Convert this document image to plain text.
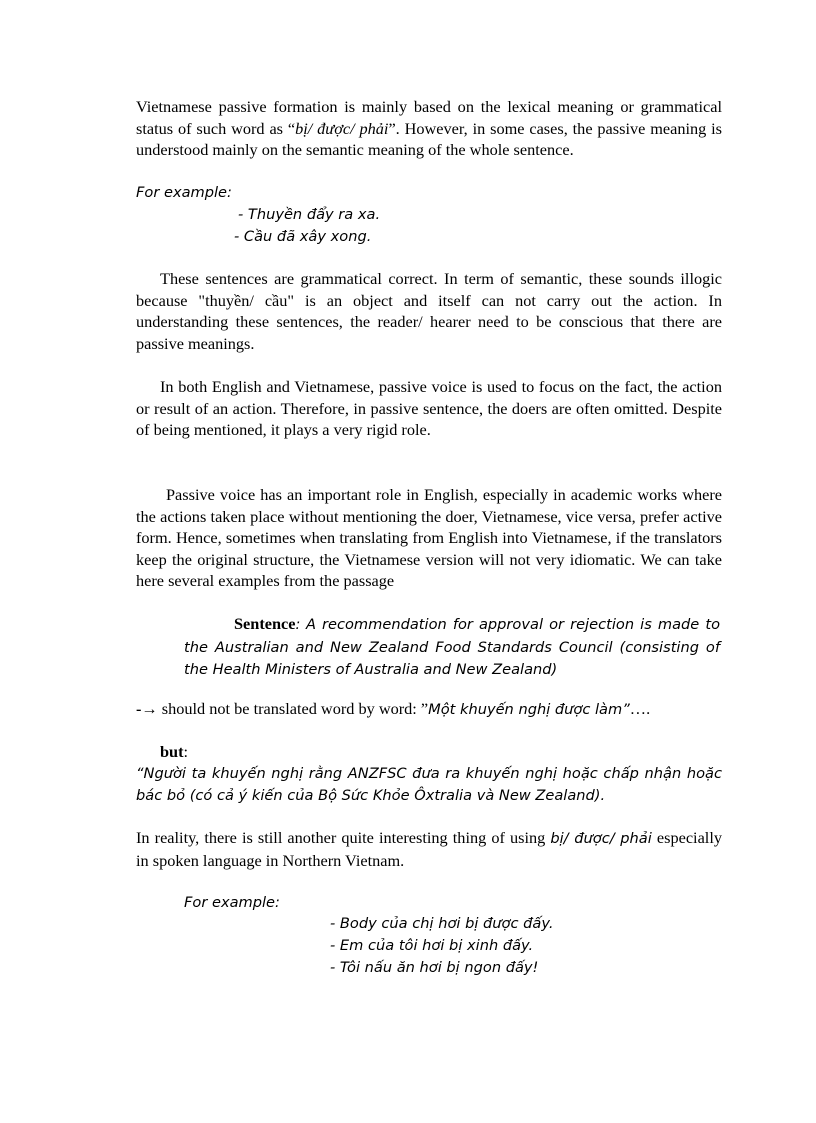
Vietnamese passive formation is mainly based on the lexical meaning or grammatical status of such word as “bị/ được/ phải”. However, in some cases, the passive meaning is understood mainly on the semantic meaning of the whole sentence.

For example:
- Thuyền đẩy ra xa.
- Cầu đã xây xong.

These sentences are grammatical correct. In term of semantic, these sounds illogic because "thuyền/ cầu" is an object and itself can not carry out the action. In understanding these sentences, the reader/ hearer need to be conscious that there are passive meanings.

In both English and Vietnamese, passive voice is used to focus on the fact, the action or result of an action. Therefore, in passive sentence, the doers are often omitted. Despite of being mentioned, it plays a very rigid role.

Passive voice has an important role in English, especially in academic works where the actions taken place without mentioning the doer, Vietnamese, vice versa, prefer active form. Hence, sometimes when translating from English into Vietnamese, if the translators keep the original structure, the Vietnamese version will not very idiomatic. We can take here several examples from the passage

Sentence: A recommendation for approval or rejection is made to the Australian and New Zealand Food Standards Council (consisting of the Health Ministers of Australia and New Zealand)

-→ should not be translated word by word: ”Một khuyến nghị được làm”….

but:

“Người ta khuyến nghị rằng ANZFSC đưa ra khuyến nghị hoặc chấp nhận hoặc bác bỏ (có cả ý kiến của Bộ Sức Khỏe Ôxtralia và New Zealand).

In reality, there is still another quite interesting thing of using bị/ được/ phải especially in spoken language in Northern Vietnam.

For example:
- Body của chị hơi bị được đấy.
- Em của tôi hơi bị xinh đấy.
- Tôi nấu ăn hơi bị ngon đấy!
